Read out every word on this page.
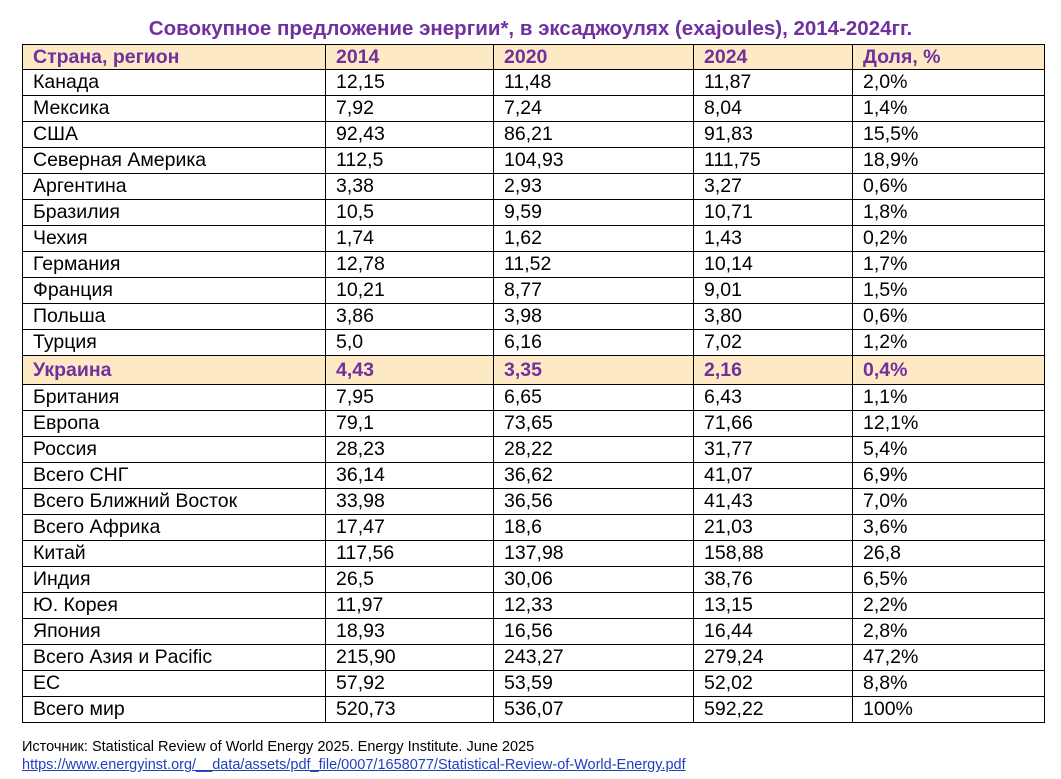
Совокупное предложение энергии*, в эксаджоулях (exajoules), 2014-2024гг.
Страна, регион	2014	2020	2024	Доля, %
Канада	12,15	11,48	11,87	2,0%
Мексика	7,92	7,24	8,04	1,4%
США	92,43	86,21	91,83	15,5%
Северная Америка	112,5	104,93	111,75	18,9%
Аргентина	3,38	2,93	3,27	0,6%
Бразилия	10,5	9,59	10,71	1,8%
Чехия	1,74	1,62	1,43	0,2%
Германия	12,78	11,52	10,14	1,7%
Франция	10,21	8,77	9,01	1,5%
Польша	3,86	3,98	3,80	0,6%
Турция	5,0	6,16	7,02	1,2%
Украина	4,43	3,35	2,16	0,4%
Британия	7,95	6,65	6,43	1,1%
Европа	79,1	73,65	71,66	12,1%
Россия	28,23	28,22	31,77	5,4%
Всего СНГ	36,14	36,62	41,07	6,9%
Всего Ближний Восток	33,98	36,56	41,43	7,0%
Всего Африка	17,47	18,6	21,03	3,6%
Китай	117,56	137,98	158,88	26,8
Индия	26,5	30,06	38,76	6,5%
Ю. Корея	11,97	12,33	13,15	2,2%
Япония	18,93	16,56	16,44	2,8%
Всего Азия и Pacific	215,90	243,27	279,24	47,2%
ЕС	57,92	53,59	52,02	8,8%
Всего мир	520,73	536,07	592,22	100%
Источник: Statistical Review of World Energy 2025. Energy Institute. June 2025
https://www.energyinst.org/__data/assets/pdf_file/0007/1658077/Statistical-Review-of-World-Energy.pdf
